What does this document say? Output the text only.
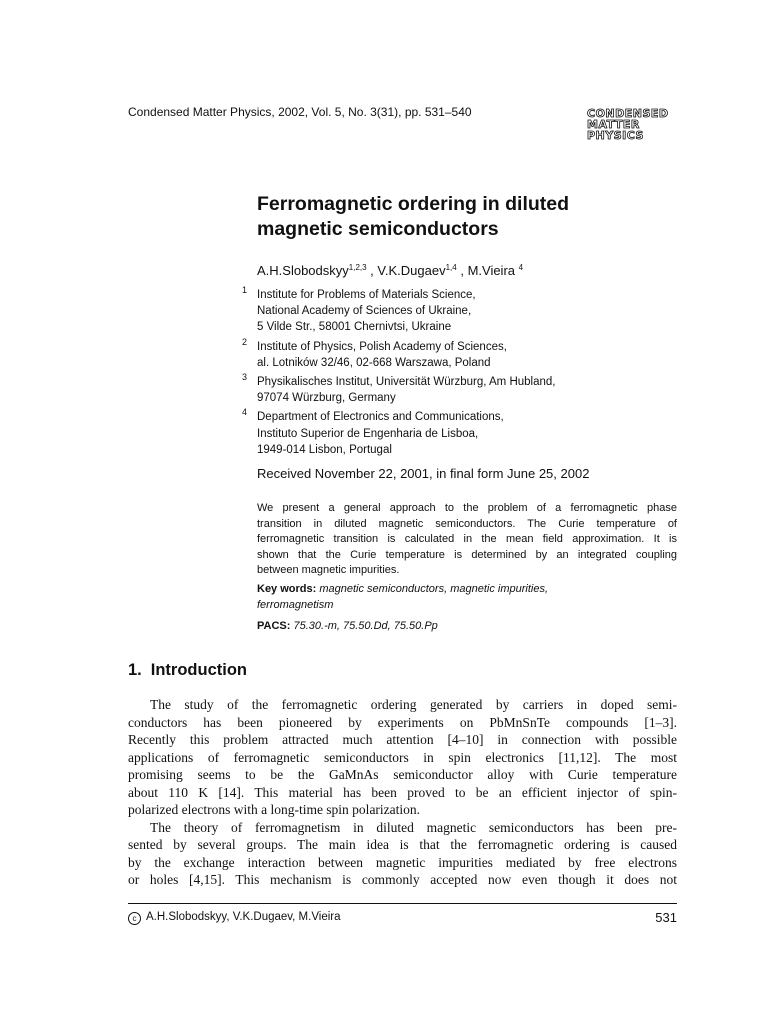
Condensed Matter Physics, 2002, Vol. 5, No. 3(31), pp. 531–540	CONDENSED
MATTER
PHYSICS
Ferromagnetic ordering in diluted
magnetic semiconductors
A.H.Slobodskyy$^{1,2,3}$ , V.K.Dugaev$^{1,4}$ , M.Vieira $^4$
1 Institute for Problems of Materials Science,
National Academy of Sciences of Ukraine,
5 Vilde Str., 58001 Chernivtsi, Ukraine
2 Institute of Physics, Polish Academy of Sciences,
al. Lotników 32/46, 02-668 Warszawa, Poland
3 Physikalisches Institut, Universität Würzburg, Am Hubland,
97074 Würzburg, Germany
4 Department of Electronics and Communications,
Instituto Superior de Engenharia de Lisboa,
1949-014 Lisbon, Portugal
Received November 22, 2001, in final form June 25, 2002
We present a general approach to the problem of a ferromagnetic phase
transition in diluted magnetic semiconductors. The Curie temperature of
ferromagnetic transition is calculated in the mean field approximation. It is
shown that the Curie temperature is determined by an integrated coupling
between magnetic impurities.
Key words: magnetic semiconductors, magnetic impurities,
ferromagnetism
PACS: 75.30.-m, 75.50.Dd, 75.50.Pp
1. Introduction
The study of the ferromagnetic ordering generated by carriers in doped semi-
conductors has been pioneered by experiments on PbMnSnTe compounds [1–3].
Recently this problem attracted much attention [4–10] in connection with possible
applications of ferromagnetic semiconductors in spin electronics [11,12]. The most
promising seems to be the GaMnAs semiconductor alloy with Curie temperature
about 110 K [14]. This material has been proved to be an efficient injector of spin-
polarized electrons with a long-time spin polarization.
The theory of ferromagnetism in diluted magnetic semiconductors has been pre-
sented by several groups. The main idea is that the ferromagnetic ordering is caused
by the exchange interaction between magnetic impurities mediated by free electrons
or holes [4,15]. This mechanism is commonly accepted now even though it does not
c A.H.Slobodskyy, V.K.Dugaev, M.Vieira	531
